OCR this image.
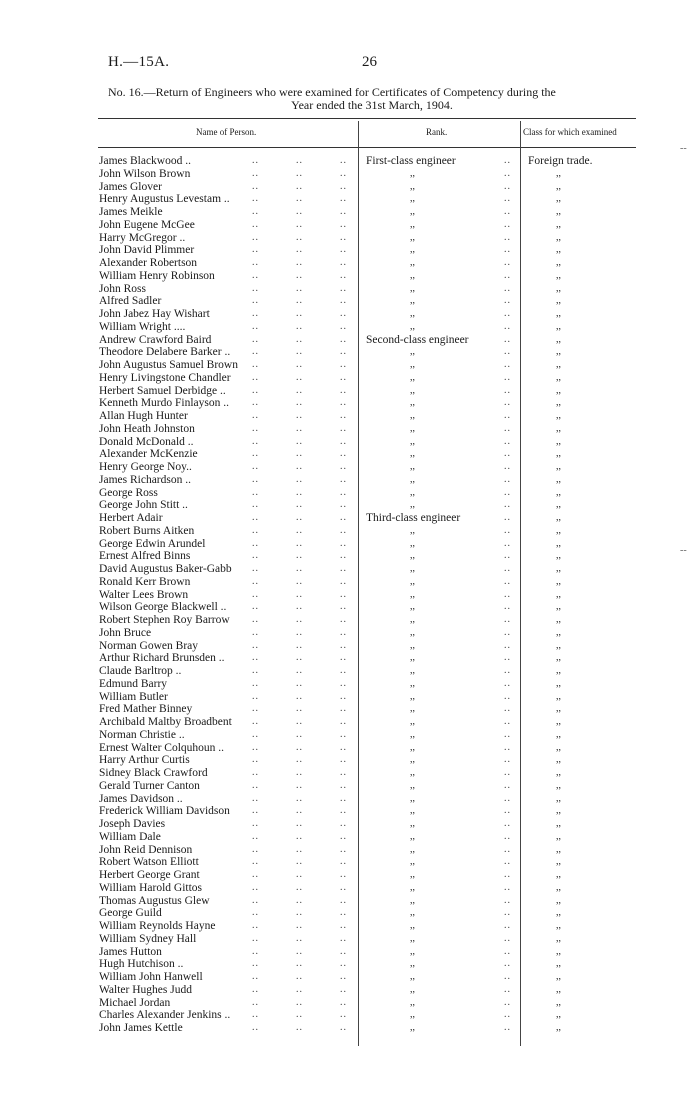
H.—15A.	26
No. 16.—Return of Engineers who were examined for Certificates of Competency during the
Year ended the 31st March, 1904.
Name of Person.	Rank.	Class for which examined
-​-
-​-
James Blackwood ..	..	..	.. First-class engineer	.. Foreign trade.
John Wilson Brown	..	..	..	,,	..	,,
James Glover	..	..	..	,,	..	,,
Henry Augustus Levestam .. ..	..	..	,,	..	,,
James Meikle	..	..	..	,,	..	,,
John Eugene McGee	..	..	..	,,	..	,,
Harry McGregor ..	..	..	..	,,	..	,,
John David Plimmer	..	..	..	,,	..	,,
Alexander Robertson	..	..	..	,,	..	,,
William Henry Robinson	..	..	..	,,	..	,,
John Ross	..	..	..	,,	..	,,
Alfred Sadler	..	..	..	,,	..	,,
John Jabez Hay Wishart	..	..	..	,,	..	,,
William Wright ....	..	..	..	,,	..	,,
Andrew Crawford Baird	..	..	.. Second-class engineer	..	,,
Theodore Delabere Barker .. ..	..	..	,,	..	,,
John Augustus Samuel Brown ..	..	..	,,	..	,,
Henry Livingstone Chandler ..	..	..	,,	..	,,
Herbert Samuel Derbidge ..	..	..	..	,,	..	,,
Kenneth Murdo Finlayson .. ..	..	..	,,	..	,,
Allan Hugh Hunter	..	..	..	,,	..	,,
John Heath Johnston	..	..	..	,,	..	,,
Donald McDonald ..	..	..	..	,,	..	,,
Alexander McKenzie	..	..	..	,,	..	,,
Henry George Noy..	..	..	..	,,	..	,,
James Richardson ..	..	..	..	,,	..	,,
George Ross	..	..	..	,,	..	,,
George John Stitt ..	..	..	..	,,	..	,,
Herbert Adair	..	..	.. Third-class engineer	..	,,
Robert Burns Aitken	..	..	..	,,	..	,,
George Edwin Arundel	..	..	..	,,	..	,,
Ernest Alfred Binns	..	..	..	,,	..	,,
David Augustus Baker-Gabb ..	..	..	,,	..	,,
Ronald Kerr Brown	..	..	..	,,	..	,,
Walter Lees Brown	..	..	..	,,	..	,,
Wilson George Blackwell ..	..	..	..	,,	..	,,
Robert Stephen Roy Barrow ..	..	..	,,	..	,,
John Bruce	..	..	..	,,	..	,,
Norman Gowen Bray	..	..	..	,,	..	,,
Arthur Richard Brunsden ..	..	..	..	,,	..	,,
Claude Barltrop ..	..	..	..	,,	..	,,
Edmund Barry	..	..	..	,,	..	,,
William Butler	..	..	..	,,	..	,,
Fred Mather Binney	..	..	..	,,	..	,,
Archibald Maltby Broadbent ..	..	..	,,	..	,,
Norman Christie ..	..	..	..	,,	..	,,
Ernest Walter Colquhoun ..	..	..	..	,,	..	,,
Harry Arthur Curtis	..	..	..	,,	..	,,
Sidney Black Crawford	..	..	..	,,	..	,,
Gerald Turner Canton	..	..	..	,,	..	,,
James Davidson ..	..	..	..	,,	..	,,
Frederick William Davidson ..	..	..	,,	..	,,
Joseph Davies	..	..	..	,,	..	,,
William Dale	..	..	..	,,	..	,,
John Reid Dennison	..	..	..	,,	..	,,
Robert Watson Elliott	..	..	..	,,	..	,,
Herbert George Grant	..	..	..	,,	..	,,
William Harold Gittos	..	..	..	,,	..	,,
Thomas Augustus Glew	..	..	..	,,	..	,,
George Guild	..	..	..	,,	..	,,
William Reynolds Hayne	..	..	..	,,	..	,,
William Sydney Hall	..	..	..	,,	..	,,
James Hutton	..	..	..	,,	..	,,
Hugh Hutchison ..	..	..	..	,,	..	,,
William John Hanwell	..	..	..	,,	..	,,
Walter Hughes Judd	..	..	..	,,	..	,,
Michael Jordan	..	..	..	,,	..	,,
Charles Alexander Jenkins .. ..	..	..	,,	..	,,
John James Kettle	..	..	..	,,	..	,,
